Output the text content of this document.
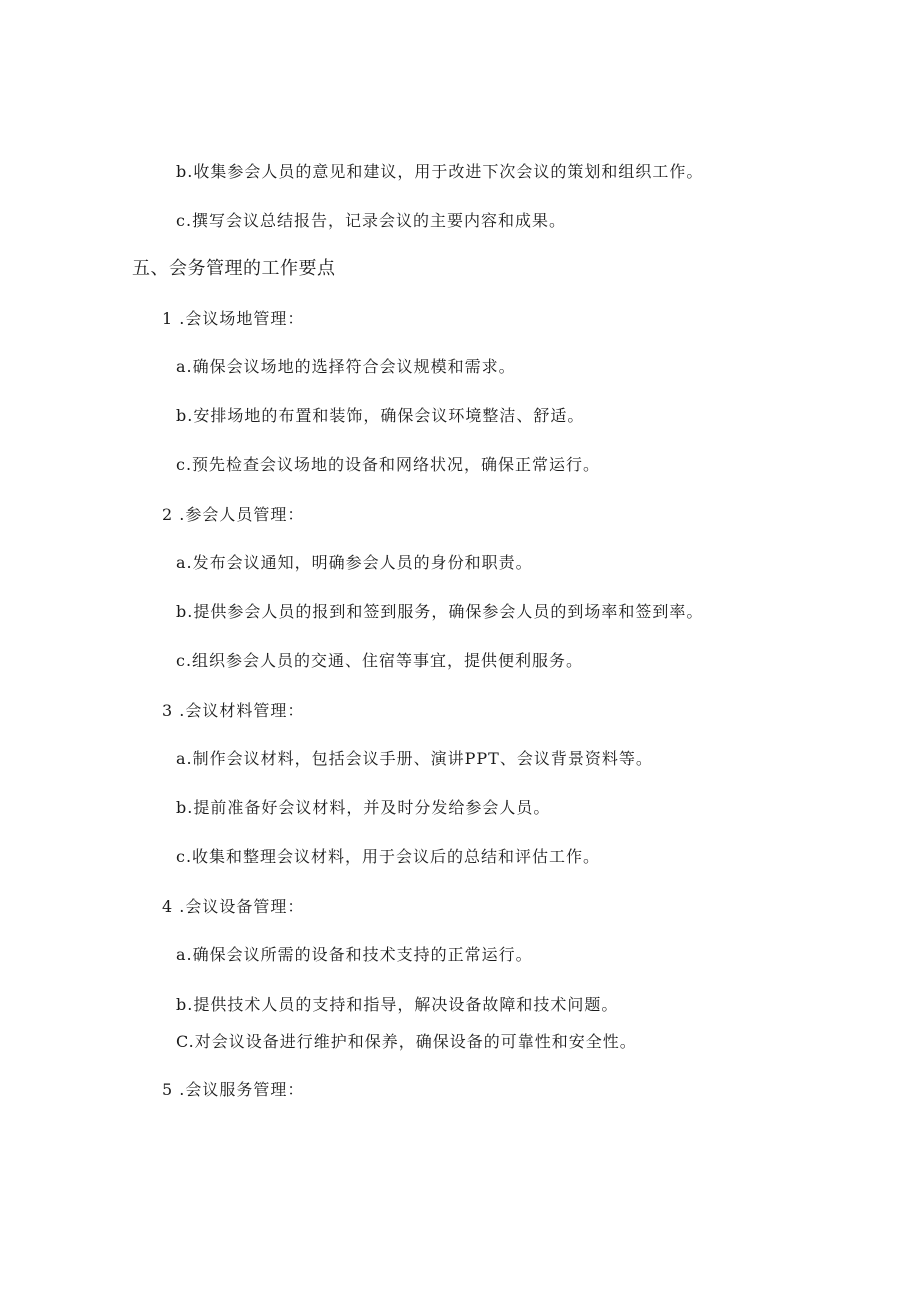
b.收集参会人员的意见和建议，用于改进下次会议的策划和组织工作。
c.撰写会议总结报告，记录会议的主要内容和成果。
五、会务管理的工作要点
1 .会议场地管理：
a.确保会议场地的选择符合会议规模和需求。
b.安排场地的布置和装饰，确保会议环境整洁、舒适。
c.预先检查会议场地的设备和网络状况，确保正常运行。
2 .参会人员管理：
a.发布会议通知，明确参会人员的身份和职责。
b.提供参会人员的报到和签到服务，确保参会人员的到场率和签到率。
c.组织参会人员的交通、住宿等事宜，提供便利服务。
3 .会议材料管理：
a.制作会议材料，包括会议手册、演讲PPT、会议背景资料等。
b.提前准备好会议材料，并及时分发给参会人员。
c.收集和整理会议材料，用于会议后的总结和评估工作。
4 .会议设备管理：
a.确保会议所需的设备和技术支持的正常运行。
b.提供技术人员的支持和指导，解决设备故障和技术问题。
C.对会议设备进行维护和保养，确保设备的可靠性和安全性。
5 .会议服务管理：
